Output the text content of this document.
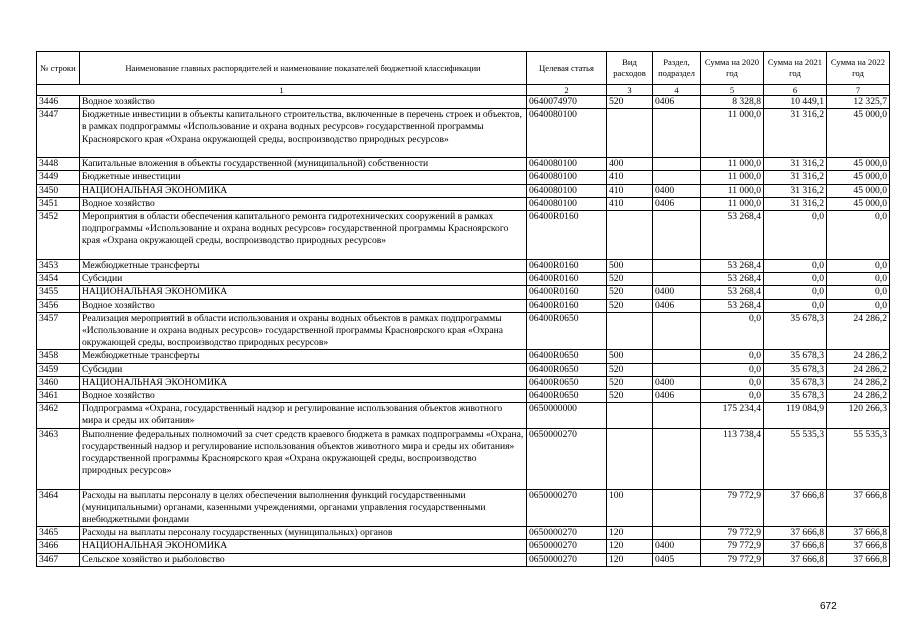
№ строки	Наименование главных распорядителей и наименование показателей бюджетной классификации	Целевая статья	Вид расходов	Раздел, подраздел	Сумма на 2020 год	Сумма на 2021 год	Сумма на 2022 год
1		2	3	4	5	6	7
3446	Водное хозяйство	0640074970	520	0406	8 328,8	10 449,1	12 325,7
3447	Бюджетные инвестиции в объекты капитального строительства, включенные в перечень строек и объектов, в рамках подпрограммы «Использование и охрана водных ресурсов» государственной программы Красноярского края «Охрана окружающей среды, воспроизводство природных ресурсов»	0640080100			11 000,0	31 316,2	45 000,0
3448	Капитальные вложения в объекты государственной (муниципальной) собственности	0640080100	400		11 000,0	31 316,2	45 000,0
3449	Бюджетные инвестиции	0640080100	410		11 000,0	31 316,2	45 000,0
3450	НАЦИОНАЛЬНАЯ ЭКОНОМИКА	0640080100	410	0400	11 000,0	31 316,2	45 000,0
3451	Водное хозяйство	0640080100	410	0406	11 000,0	31 316,2	45 000,0
3452	Мероприятия в области обеспечения капитального ремонта гидротехнических сооружений в рамках подпрограммы «Использование и охрана водных ресурсов» государственной программы Красноярского края «Охрана окружающей среды, воспроизводство природных ресурсов»	06400R0160			53 268,4	0,0	0,0
3453	Межбюджетные трансферты	06400R0160	500		53 268,4	0,0	0,0
3454	Субсидии	06400R0160	520		53 268,4	0,0	0,0
3455	НАЦИОНАЛЬНАЯ ЭКОНОМИКА	06400R0160	520	0400	53 268,4	0,0	0,0
3456	Водное хозяйство	06400R0160	520	0406	53 268,4	0,0	0,0
3457	Реализация мероприятий в области использования и охраны водных объектов в рамках подпрограммы «Использование и охрана водных ресурсов» государственной программы Красноярского края «Охрана окружающей среды, воспроизводство природных ресурсов»	06400R0650			0,0	35 678,3	24 286,2
3458	Межбюджетные трансферты	06400R0650	500		0,0	35 678,3	24 286,2
3459	Субсидии	06400R0650	520		0,0	35 678,3	24 286,2
3460	НАЦИОНАЛЬНАЯ ЭКОНОМИКА	06400R0650	520	0400	0,0	35 678,3	24 286,2
3461	Водное хозяйство	06400R0650	520	0406	0,0	35 678,3	24 286,2
3462	Подпрограмма «Охрана, государственный надзор и регулирование использования объектов животного мира и среды их обитания»	0650000000			175 234,4	119 084,9	120 266,3
3463	Выполнение федеральных полномочий за счет средств краевого бюджета в рамках подпрограммы «Охрана, государственный надзор и регулирование использования объектов животного мира и среды их обитания» государственной программы Красноярского края «Охрана окружающей среды, воспроизводство природных ресурсов»	0650000270			113 738,4	55 535,3	55 535,3
3464	Расходы на выплаты персоналу в целях обеспечения выполнения функций государственными (муниципальными) органами, казенными учреждениями, органами управления государственными внебюджетными фондами	0650000270	100		79 772,9	37 666,8	37 666,8
3465	Расходы на выплаты персоналу государственных (муниципальных) органов	0650000270	120		79 772,9	37 666,8	37 666,8
3466	НАЦИОНАЛЬНАЯ ЭКОНОМИКА	0650000270	120	0400	79 772,9	37 666,8	37 666,8
3467	Сельское хозяйство и рыболовство	0650000270	120	0405	79 772,9	37 666,8	37 666,8
672
